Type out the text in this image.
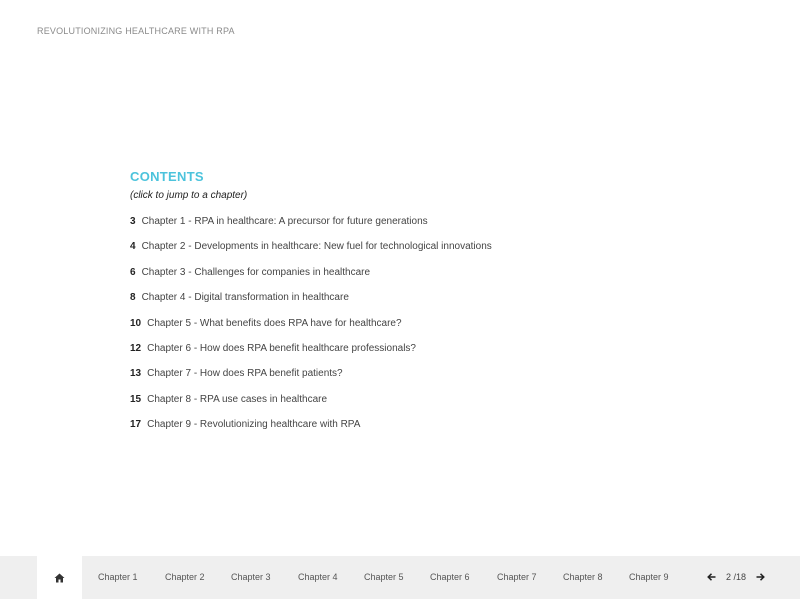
REVOLUTIONIZING HEALTHCARE WITH RPA
CONTENTS
(click to jump to a chapter)
3 Chapter 1 - RPA in healthcare: A precursor for future generations
4 Chapter 2 - Developments in healthcare: New fuel for technological innovations
6 Chapter 3 - Challenges for companies in healthcare
8 Chapter 4 - Digital transformation in healthcare
10 Chapter 5 - What benefits does RPA have for healthcare?
12 Chapter 6 - How does RPA benefit healthcare professionals?
13 Chapter 7 - How does RPA benefit patients?
15 Chapter 8 - RPA use cases in healthcare
17 Chapter 9 - Revolutionizing healthcare with RPA
Chapter 1	Chapter 2	Chapter 3	Chapter 4	Chapter 5	Chapter 6	Chapter 7	Chapter 8	Chapter 9	2 /18
